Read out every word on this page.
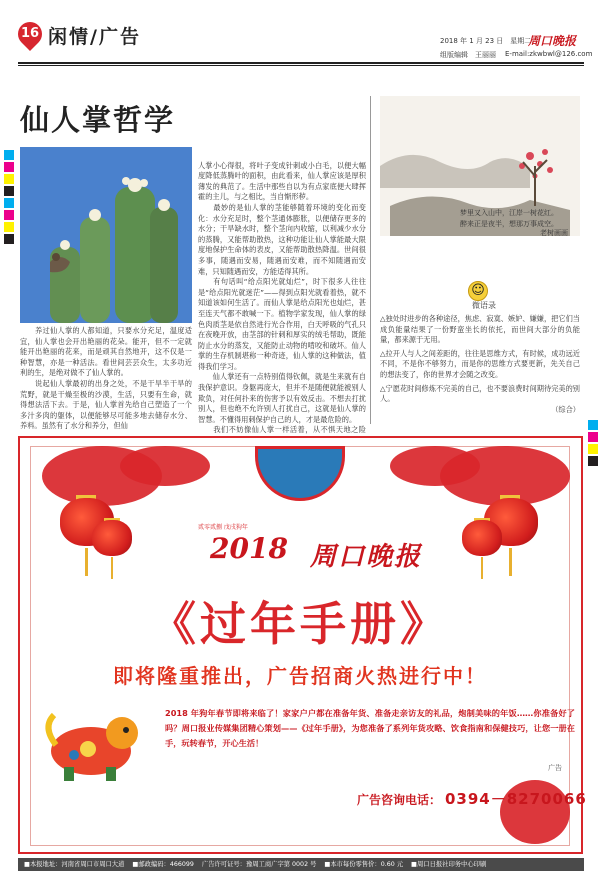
16 闲情/广告	2018 年 1 月 23 日　星期二
周口晚报
组版编辑　王丽丽 E-mail:zkwbwl@126.com
仙人掌哲学
　　养过仙人掌的人都知道，只要水分充足，温度适宜，仙人掌也会开出艳丽的花朵。能开，但不一定就能开出艳丽的花来，而是顽其自然地开，这不仅是一种智慧，亦是一种活法。看世间芸芸众生，太多功近利的生，是绝对做不了仙人掌的。
　　说起仙人掌最初的出身之处，不是干旱半干旱的荒野，就是干燥至极的沙漠，生活，只要有生命，就得想法活下去。于是，仙人掌首先给自己塑造了一个多汁多肉的躯体，以便能够尽可能多地去储存水分、养料。虽然有了水分和养分，但仙

人掌小心得很，将叶子变成针刺或小白毛，以便大幅度降低蒸腾叶的面积，由此看来，仙人掌应该是厚积薄发的典范了。生活中那些自以为有点家底便大肆挥霍的主儿，与之相比，当自惭形秽。
　　最妙的是仙人掌的茎能够随着环境的变化而变化：水分充足时，整个茎通体膨胀，以便储存更多的水分；干旱缺水时，整个茎向内收缩，以利减少水分的蒸腾，又能帮助散热，这种功能让仙人掌能最大限度地保护生命体的表皮，又能帮助散热降温。世间很多事，随遇而安易，随遇而安难，而不知随遇而安难，只知随遇而安，方能适得其所。
　　有句话叫“给点阳光就灿烂”，时下很多人往往是“给点阳光就迷茫”——得到点阳光就看着热，就不知道该如何生活了。而仙人掌是给点阳光也灿烂，甚至连天气都不敢喊一下。植物学家发现，仙人掌的绿色肉质茎是依自然进行光合作用，白天呼吸的气孔只在夜晚开放，由茎部的针刺和厚实的绒毛帮助，既能防止水分的蒸发，又能防止动物的啃咬和破坏。仙人掌的生存机制堪称一种奇迹，仙人掌的这种做法，值得我们学习。
　　仙人掌还有一点特别值得钦佩，就是生来就有自我保护意识。身躯再庞大，但并不是随便就能被别人欺负，对任何扑来的伤害予以有效反击。不想去打扰别人，但也绝不允许别人打扰自己，这就是仙人掌的智慧。不懂得用刺保护自己的人，才是最危险的。
　　我们不妨像仙人掌一样活着，从不惧天地之险

梦里又入山中，江岸一树花红。
醉来正是夜半，想那万事成空。
老树画画
☺
微语录
△独处时进步的各种途径，焦虑、寂寞、嫉妒、嫌嫌，把它们当成负能量结果了一份野蛮坐长的依托，而世间大部分的负能量，都来源于无用。
△拉开人与人之间差距的，往往是思维方式，有时候，成功远近不同，不是你不够努力，而是你的思维方式要更新，先关自己的想法变了，你的世界才会随之改变。
△宁愿花时间修炼不完美的自己，也不要浪费时间期待完美的别人。
（综合）
贰零贰捌 戊戌狗年
2018 周口晚报
《过年手册》
即将隆重推出，广告招商火热进行中！
2018 年狗年春节即将来临了！家家户户都在准备年货、准备走亲访友的礼品，炮制美味的年饭……你准备好了吗？周口报业传媒集团精心策划——《过年手册》，为您准备了系列年货攻略、饮食指南和保健技巧，让您一册在手，玩转春节，开心生活！
广告
广告咨询电话： 0394－8270066
■本报地址：河南省周口市周口大道 ■邮政编码：466099 广告许可证号：豫周工商广字第 0002 号 ■本市每份零售价：0.60 元 ■周口日报社印务中心印刷
